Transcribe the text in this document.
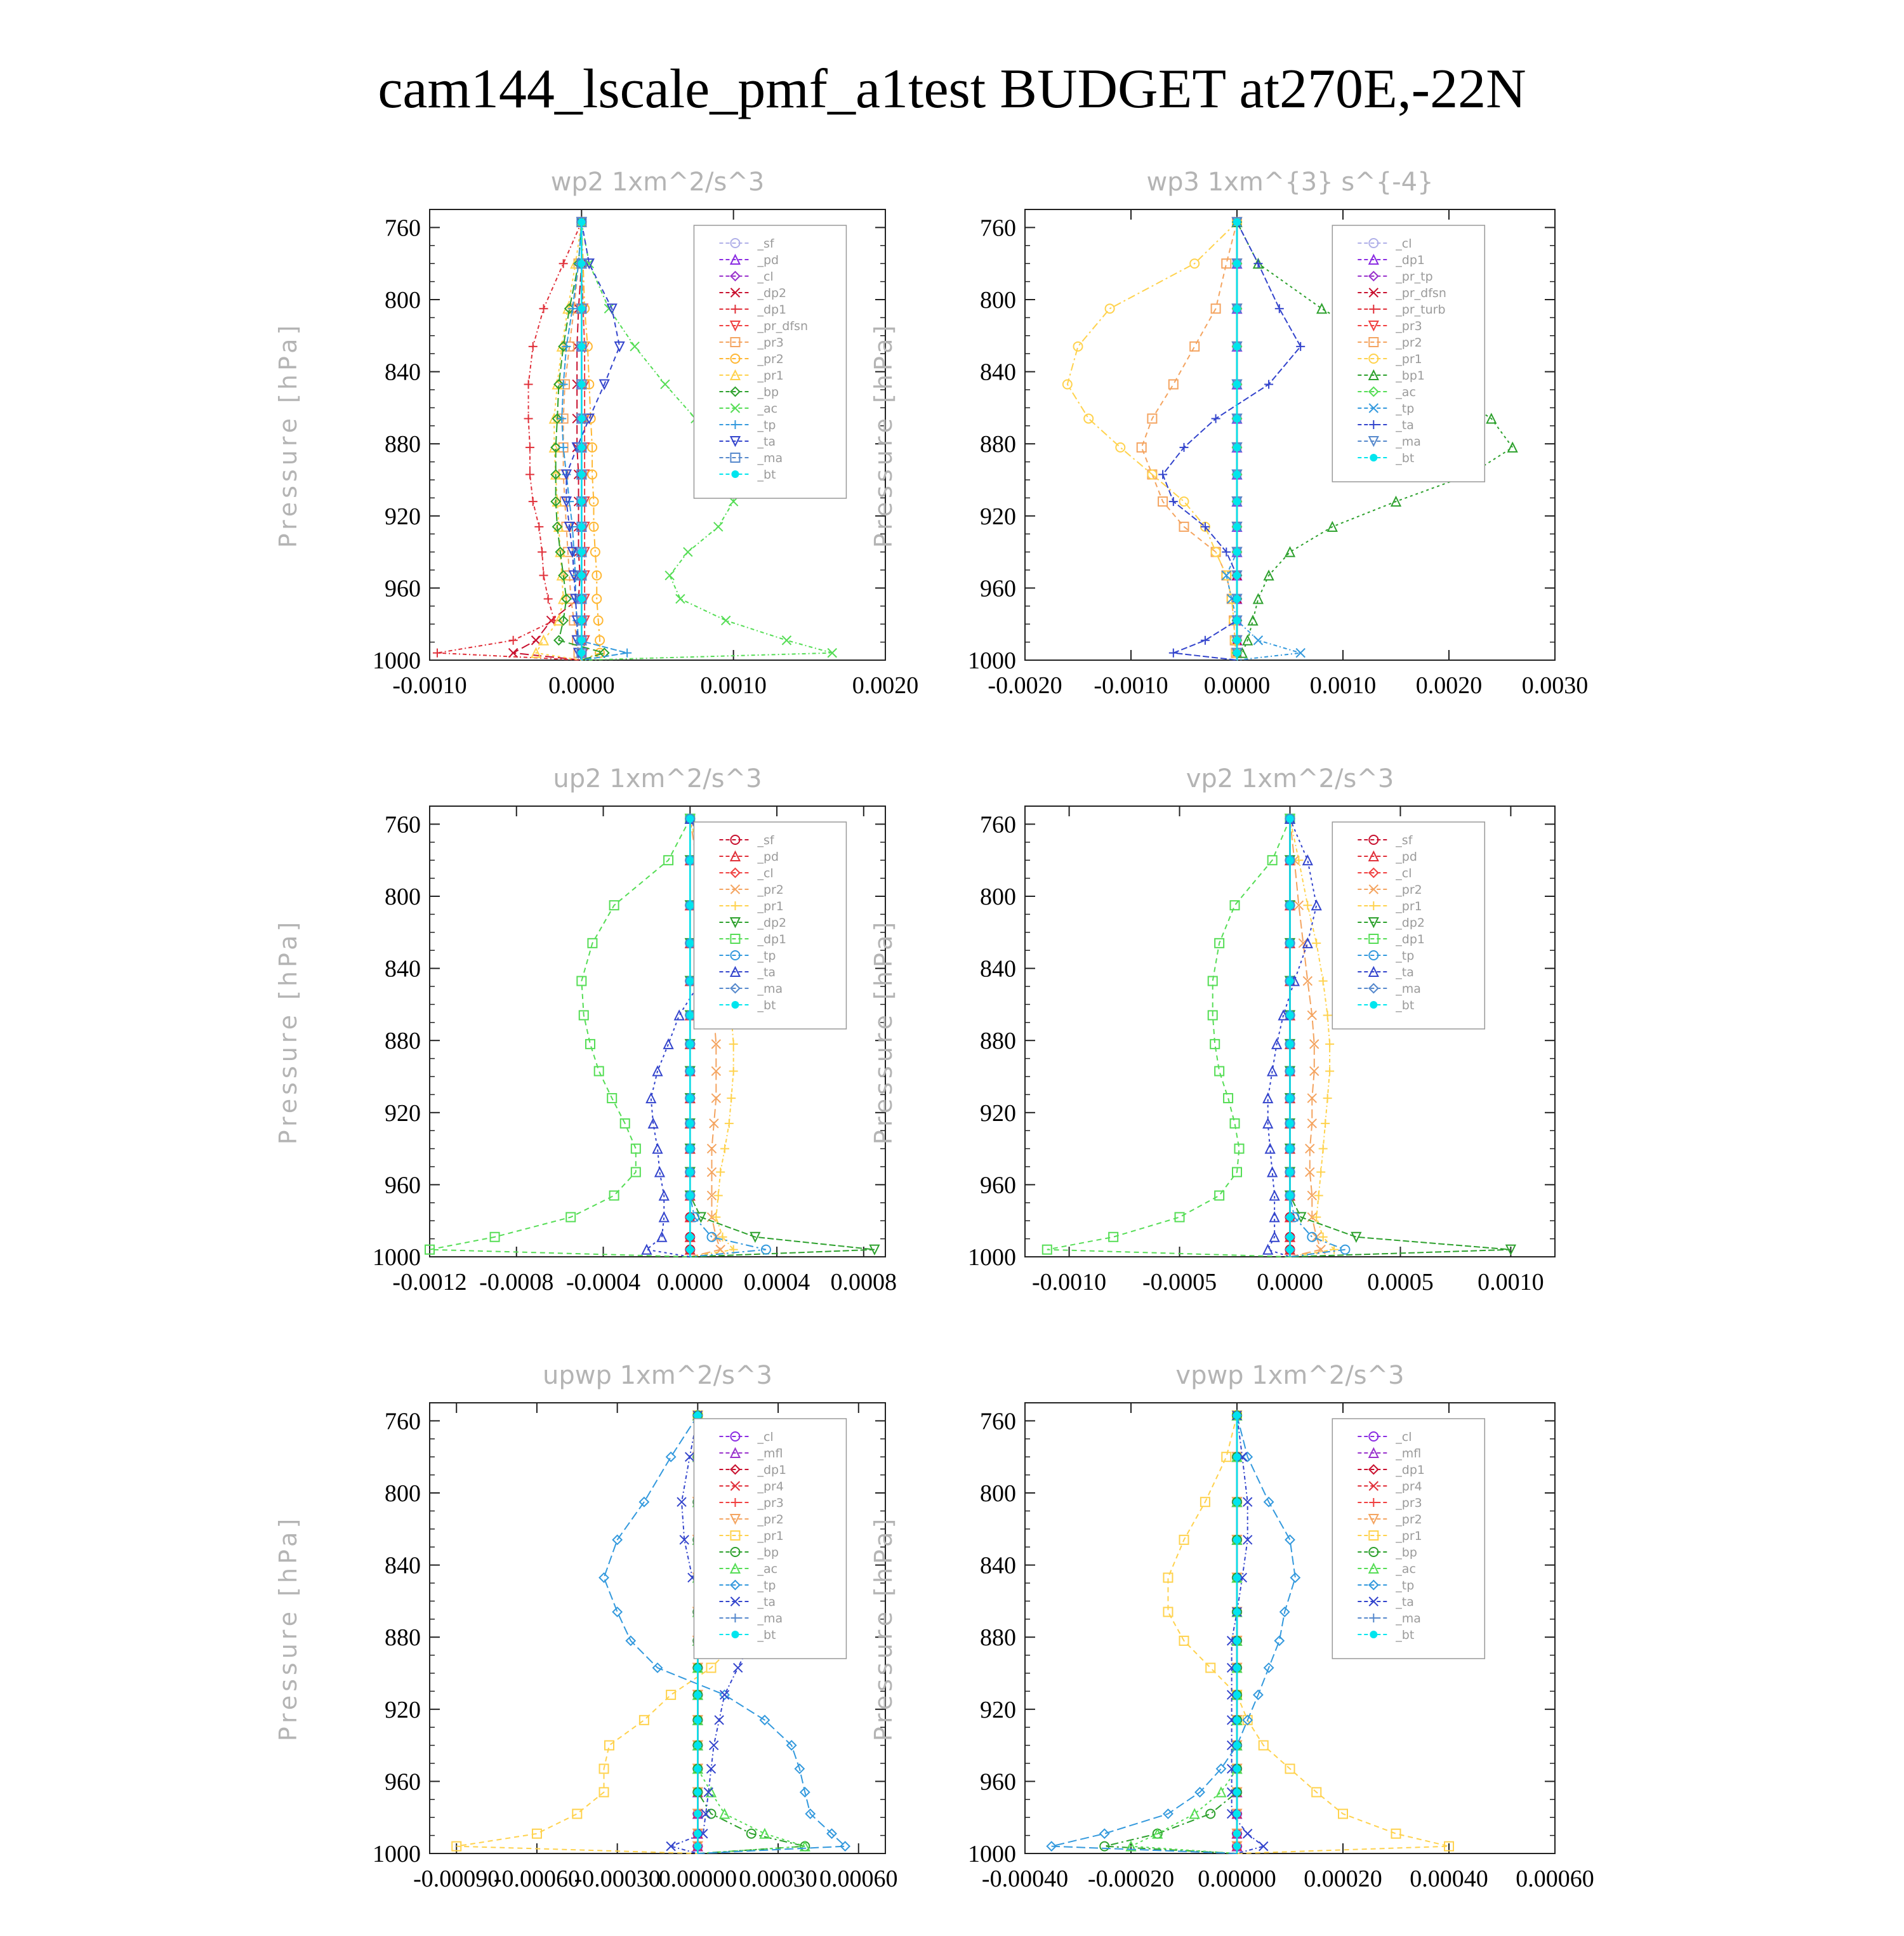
cam144_lscale_pmf_a1test BUDGET at270E,-22N
wp2 1xm^2/s^3
760
800
840
880
920
960
1000
-0.0010	0.0000	0.0010	0.0020
Pressure [hPa]
_sf
_pd
_cl
_dp2
_dp1
_pr_dfsn
_pr3
_pr2
_pr1
_bp
_ac
_tp
_ta
_ma
_bt
wp3 1xm^{3} s^{-4}
760
800
840
880
920
960
1000
-0.0020 -0.0010 0.0000 0.0010 0.0020 0.0030
Pressure [hPa]
_cl
_dp1
_pr_tp
_pr_dfsn
_pr_turb
_pr3
_pr2
_pr1
_bp1
_ac
_tp
_ta
_ma
_bt
up2 1xm^2/s^3
760
800
840
880
920
960
1000
-0.0012 -0.0008 -0.0004 0.0000 0.0004 0.0008
Pressure [hPa]
_sf
_pd
_cl
_pr2
_pr1
_dp2
_dp1
_tp
_ta
_ma
_bt
vp2 1xm^2/s^3
760
800
840
880
920
960
1000
-0.0010 -0.0005 0.0000 0.0005 0.0010
Pressure [hPa]
_sf
_pd
_cl
_pr2
_pr1
_dp2
_dp1
_tp
_ta
_ma
_bt
upwp 1xm^2/s^3
760
800
840
880
920
960
1000
-0.00090
-0.00060
-0.00030
0.00000 0.00030 0.00060
Pressure [hPa]
_cl
_mfl
_dp1
_pr4
_pr3
_pr2
_pr1
_bp
_ac
_tp
_ta
_ma
_bt
vpwp 1xm^2/s^3
760
800
840
880
920
960
1000
-0.00040 -0.00020 0.00000 0.00020 0.00040 0.00060
Pressure [hPa]
_cl
_mfl
_dp1
_pr4
_pr3
_pr2
_pr1
_bp
_ac
_tp
_ta
_ma
_bt
